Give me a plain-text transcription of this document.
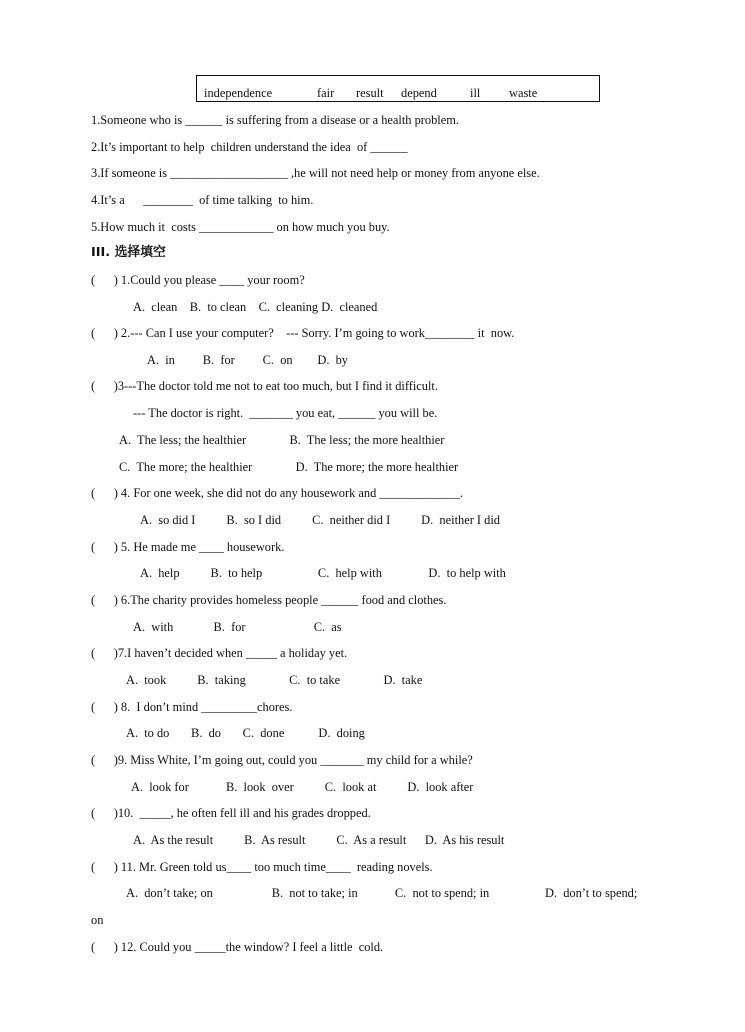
independence	fair result depend	ill waste
1.Someone who is ______ is suffering from a disease or a health problem.
2.It’s important to help  children understand the idea  of ______
3.If someone is ___________________ ,he will not need help or money from anyone else.
4.It’s a      ________  of time talking  to him.
5.How much it  costs ____________ on how much you buy.
III. 选择填空
(      ) 1.Could you please ____ your room?
A.  clean    B.  to clean    C.  cleaning D.  cleaned
(      ) 2.--- Can I use your computer?    --- Sorry. I’m going to work________ it  now.
A.  in         B.  for         C.  on        D.  by
(      )3---The doctor told me not to eat too much, but I find it difficult.
--- The doctor is right.  _______ you eat, ______ you will be.
A.  The less; the healthier              B.  The less; the more healthier
C.  The more; the healthier              D.  The more; the more healthier
(      ) 4. For one week, she did not do any housework and _____________.
A.  so did I          B.  so I did          C.  neither did I          D.  neither I did
(      ) 5. He made me ____ housework.
A.  help          B.  to help                  C.  help with               D.  to help with
(      ) 6.The charity provides homeless people ______ food and clothes.
A.  with             B.  for                      C.  as
(      )7.I haven’t decided when _____ a holiday yet.
A.  took          B.  taking              C.  to take              D.  take
(      ) 8.  I don’t mind _________chores.
A.  to do       B.  do       C.  done           D.  doing
(      )9. Miss White, I’m going out, could you _______ my child for a while?
A.  look for            B.  look  over          C.  look at          D.  look after
(      )10.  _____, he often fell ill and his grades dropped.
A.  As the result          B.  As result          C.  As a result      D.  As his result
(      ) 11. Mr. Green told us____ too much time____  reading novels.
A.  don’t take; on                   B.  not to take; in            C.  not to spend; in                  D.  don’t to spend;
on
(      ) 12. Could you _____the window? I feel a little  cold.
